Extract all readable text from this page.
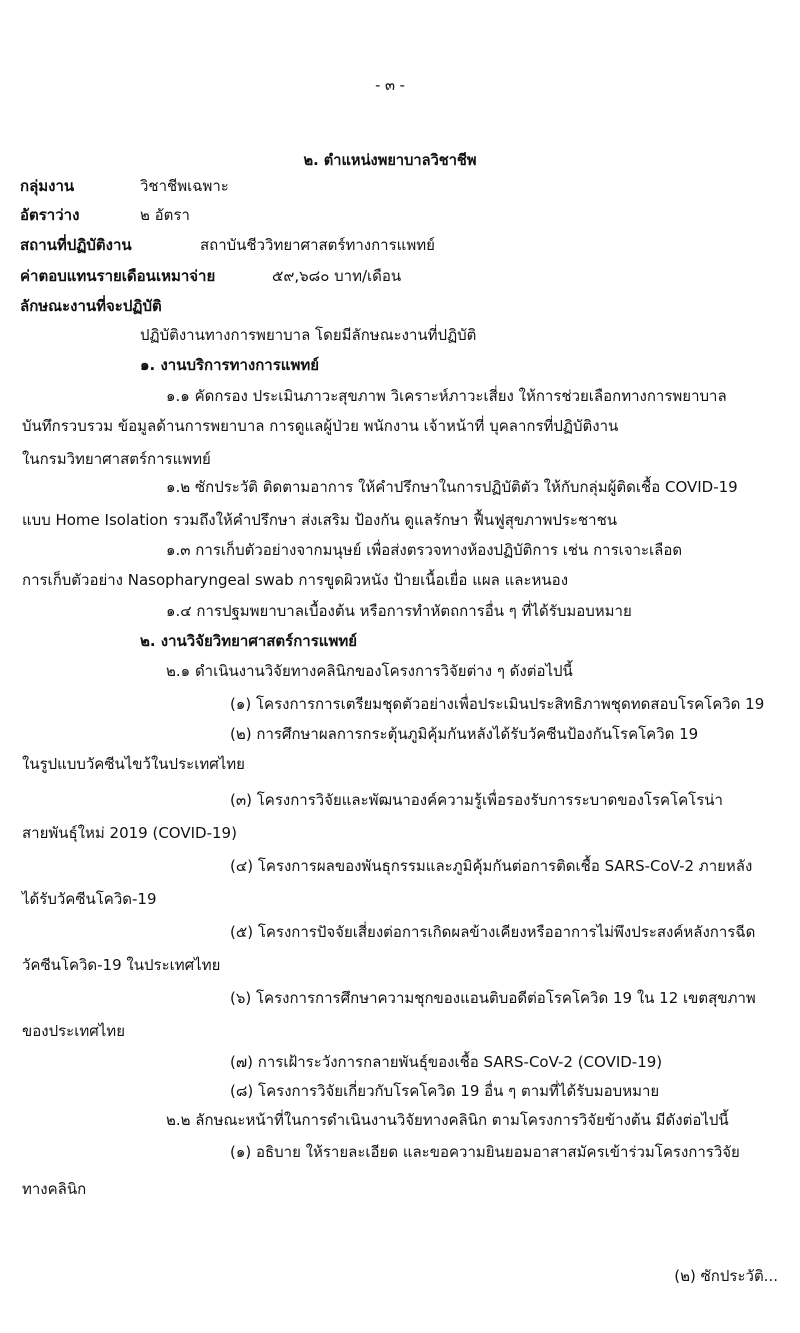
- ๓ -
๒. ตำแหน่งพยาบาลวิชาชีพ
กลุ่มงาน	วิชาชีพเฉพาะ
อัตราว่าง	๒ อัตรา
สถานที่ปฏิบัติงาน	สถาบันชีววิทยาศาสตร์ทางการแพทย์
ค่าตอบแทนรายเดือนเหมาจ่าย	๕๙,๖๘๐ บาท/เดือน
ลักษณะงานที่จะปฏิบัติ
ปฏิบัติงานทางการพยาบาล โดยมีลักษณะงานที่ปฏิบัติ
๑. งานบริการทางการแพทย์
๑.๑ คัดกรอง ประเมินภาวะสุขภาพ วิเคราะห์ภาวะเสี่ยง ให้การช่วยเลือกทางการพยาบาล
บันทึกรวบรวม ข้อมูลด้านการพยาบาล การดูแลผู้ป่วย พนักงาน เจ้าหน้าที่ บุคลากรที่ปฏิบัติงาน
ในกรมวิทยาศาสตร์การแพทย์
๑.๒ ซักประวัติ ติดตามอาการ ให้คำปรึกษาในการปฏิบัติตัว ให้กับกลุ่มผู้ติดเชื้อ COVID-19
แบบ Home Isolation รวมถึงให้คำปรึกษา ส่งเสริม ป้องกัน ดูแลรักษา ฟื้นฟูสุขภาพประชาชน
๑.๓ การเก็บตัวอย่างจากมนุษย์ เพื่อส่งตรวจทางห้องปฏิบัติการ เช่น การเจาะเลือด
การเก็บตัวอย่าง Nasopharyngeal swab การขูดผิวหนัง ป้ายเนื้อเยื่อ แผล และหนอง
๑.๔ การปฐมพยาบาลเบื้องต้น หรือการทำหัตถการอื่น ๆ ที่ได้รับมอบหมาย
๒. งานวิจัยวิทยาศาสตร์การแพทย์
๒.๑ ดำเนินงานวิจัยทางคลินิกของโครงการวิจัยต่าง ๆ ดังต่อไปนี้
(๑) โครงการการเตรียมชุดตัวอย่างเพื่อประเมินประสิทธิภาพชุดทดสอบโรคโควิด 19
(๒) การศึกษาผลการกระตุ้นภูมิคุ้มกันหลังได้รับวัคซีนป้องกันโรคโควิด 19
ในรูปแบบวัคซีนไขว้ในประเทศไทย
(๓) โครงการวิจัยและพัฒนาองค์ความรู้เพื่อรองรับการระบาดของโรคโคโรน่า
สายพันธุ์ใหม่ 2019 (COVID-19)
(๔) โครงการผลของพันธุกรรมและภูมิคุ้มกันต่อการติดเชื้อ SARS-CoV-2 ภายหลัง
ได้รับวัคซีนโควิด-19
(๕) โครงการปัจจัยเสี่ยงต่อการเกิดผลข้างเคียงหรืออาการไม่พึงประสงค์หลังการฉีด
วัคซีนโควิด-19 ในประเทศไทย
(๖) โครงการการศึกษาความชุกของแอนติบอดีต่อโรคโควิด 19 ใน 12 เขตสุขภาพ
ของประเทศไทย
(๗) การเฝ้าระวังการกลายพันธุ์ของเชื้อ SARS-CoV-2 (COVID-19)
(๘) โครงการวิจัยเกี่ยวกับโรคโควิด 19 อื่น ๆ ตามที่ได้รับมอบหมาย
๒.๒ ลักษณะหน้าที่ในการดำเนินงานวิจัยทางคลินิก ตามโครงการวิจัยข้างต้น มีดังต่อไปนี้
(๑) อธิบาย ให้รายละเอียด และขอความยินยอมอาสาสมัครเข้าร่วมโครงการวิจัย
ทางคลินิก
(๒) ซักประวัติ...
